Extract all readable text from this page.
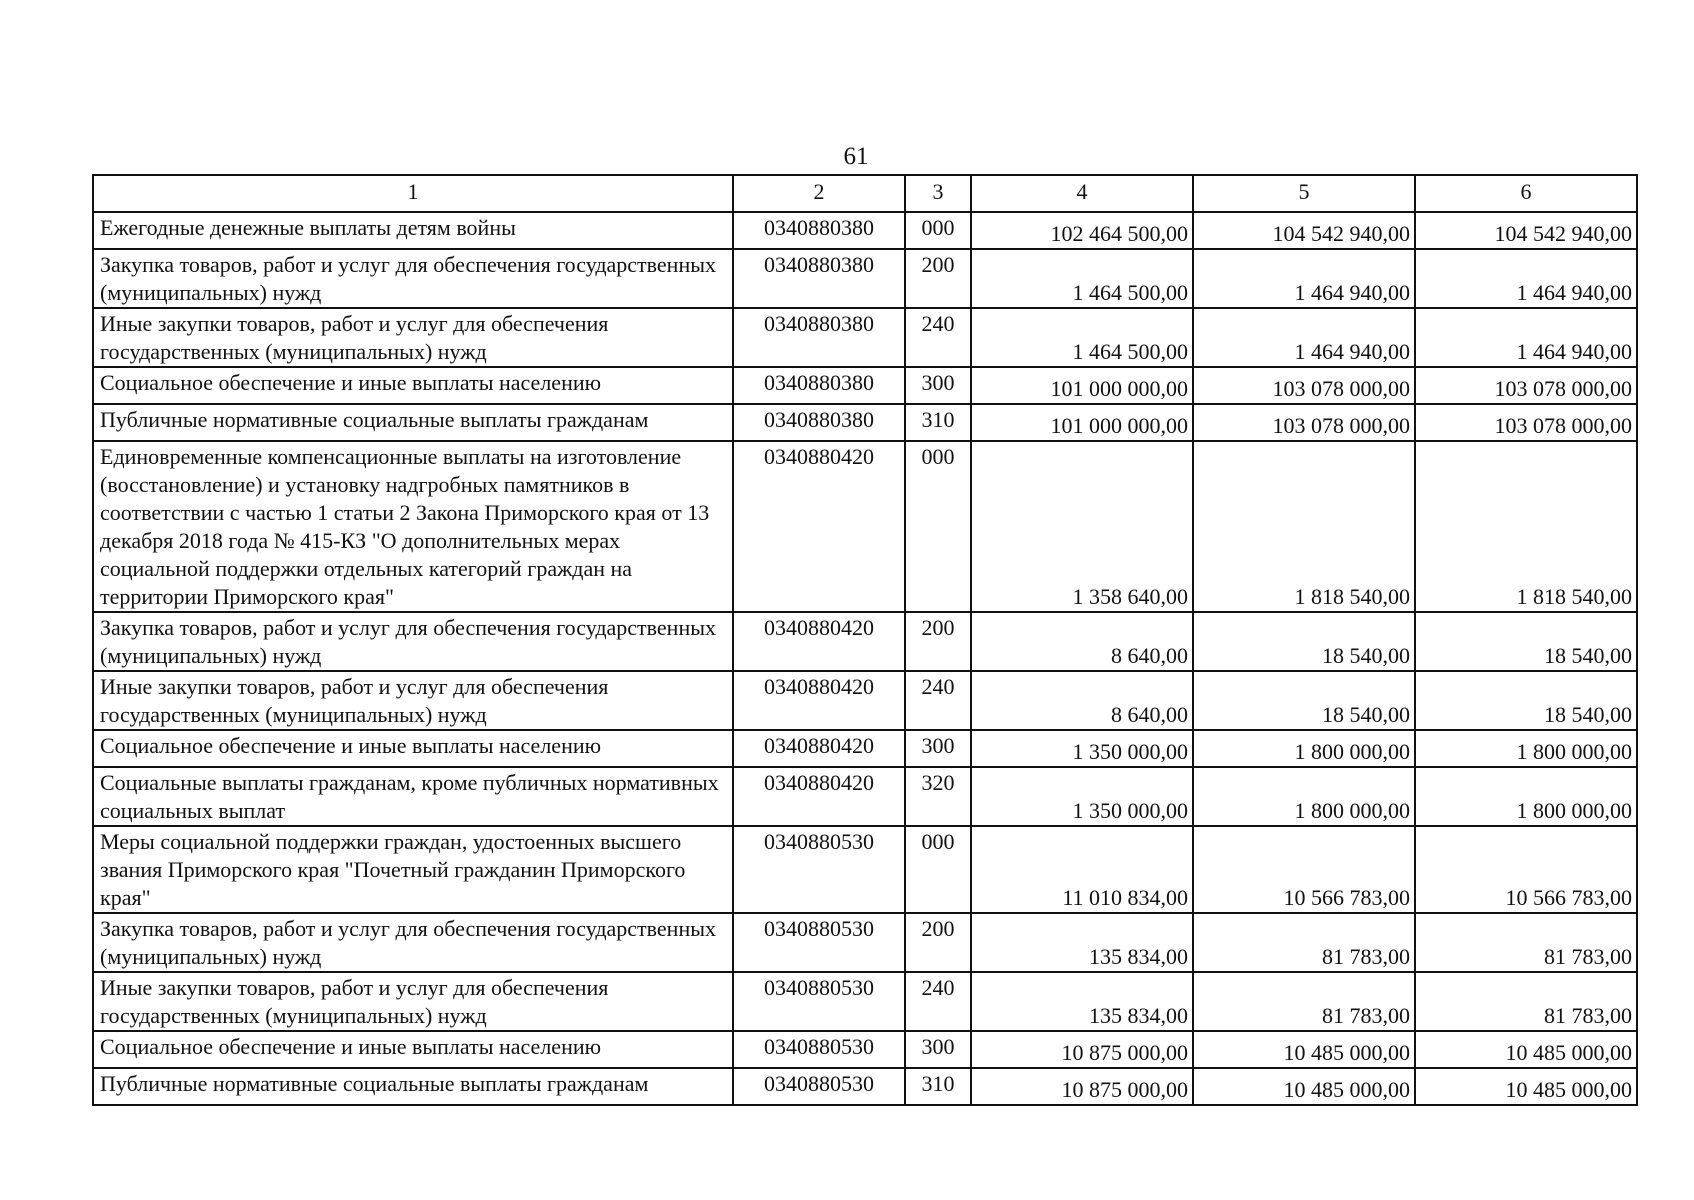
61
1	2	3	4	5	6
Ежегодные денежные выплаты детям войны	0340880380	000	102 464 500,00	104 542 940,00	104 542 940,00
Закупка товаров, работ и услуг для обеспечения государственных (муниципальных) нужд	0340880380	200	1 464 500,00	1 464 940,00	1 464 940,00
Иные закупки товаров, работ и услуг для обеспечения государственных (муниципальных) нужд	0340880380	240	1 464 500,00	1 464 940,00	1 464 940,00
Социальное обеспечение и иные выплаты населению	0340880380	300	101 000 000,00	103 078 000,00	103 078 000,00
Публичные нормативные социальные выплаты гражданам	0340880380	310	101 000 000,00	103 078 000,00	103 078 000,00
Единовременные компенсационные выплаты на изготовление (восстановление) и установку надгробных памятников в соответствии с частью 1 статьи 2 Закона Приморского края от 13 декабря 2018 года № 415-КЗ "О дополнительных мерах социальной поддержки отдельных категорий граждан на территории Приморского края"	0340880420	000	1 358 640,00	1 818 540,00	1 818 540,00
Закупка товаров, работ и услуг для обеспечения государственных (муниципальных) нужд	0340880420	200	8 640,00	18 540,00	18 540,00
Иные закупки товаров, работ и услуг для обеспечения государственных (муниципальных) нужд	0340880420	240	8 640,00	18 540,00	18 540,00
Социальное обеспечение и иные выплаты населению	0340880420	300	1 350 000,00	1 800 000,00	1 800 000,00
Социальные выплаты гражданам, кроме публичных нормативных социальных выплат	0340880420	320	1 350 000,00	1 800 000,00	1 800 000,00
Меры социальной поддержки граждан, удостоенных высшего звания Приморского края "Почетный гражданин Приморского края"	0340880530	000	11 010 834,00	10 566 783,00	10 566 783,00
Закупка товаров, работ и услуг для обеспечения государственных (муниципальных) нужд	0340880530	200	135 834,00	81 783,00	81 783,00
Иные закупки товаров, работ и услуг для обеспечения государственных (муниципальных) нужд	0340880530	240	135 834,00	81 783,00	81 783,00
Социальное обеспечение и иные выплаты населению	0340880530	300	10 875 000,00	10 485 000,00	10 485 000,00
Публичные нормативные социальные выплаты гражданам	0340880530	310	10 875 000,00	10 485 000,00	10 485 000,00
